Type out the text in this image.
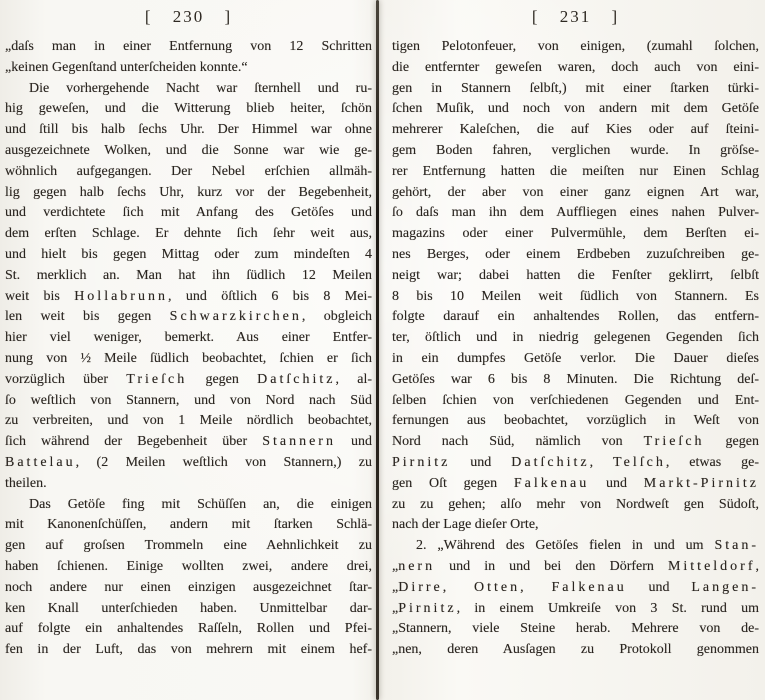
[ 230 ]
„daſs man in einer Entfernung von 12 Schritten
„keinen Gegenſtand unterſcheiden konnte.“
Die vorhergehende Nacht war ſternhell und ru-
hig geweſen, und die Witterung blieb heiter, ſchön
und ſtill bis halb ſechs Uhr. Der Himmel war ohne
ausgezeichnete Wolken, und die Sonne war wie ge-
wöhnlich aufgegangen. Der Nebel erſchien allmäh-
lig gegen halb ſechs Uhr, kurz vor der Begebenheit,
und verdichtete ſich mit Anfang des Getöſes und
dem erſten Schlage. Er dehnte ſich ſehr weit aus,
und hielt bis gegen Mittag oder zum mindeſten 4
St. merklich an. Man hat ihn ſüdlich 12 Meilen
weit bis Hollabrunn, und öſtlich 6 bis 8 Mei-
len weit bis gegen Schwarzkirchen, obgleich
hier viel weniger, bemerkt. Aus einer Entfer-
nung von ½ Meile ſüdlich beobachtet, ſchien er ſich
vorzüglich über Trieſch gegen Datſchitz, al-
ſo weſtlich von Stannern, und von Nord nach Süd
zu verbreiten, und von 1 Meile nördlich beobachtet,
ſich während der Begebenheit über Stannern und
Battelau, (2 Meilen weſtlich von Stannern,) zu
theilen.
Das Getöſe fing mit Schüſſen an, die einigen
mit Kanonenſchüſſen, andern mit ſtarken Schlä-
gen auf groſsen Trommeln eine Aehnlichkeit zu
haben ſchienen. Einige wollten zwei, andere drei,
noch andere nur einen einzigen ausgezeichnet ſtar-
ken Knall unterſchieden haben. Unmittelbar dar-
auf folgte ein anhaltendes Raſſeln, Rollen und Pfei-
fen in der Luft, das von mehrern mit einem hef-
[ 231 ]
tigen Pelotonfeuer, von einigen, (zumahl ſolchen,
die entfernter geweſen waren, doch auch von eini-
gen in Stannern ſelbſt,) mit einer ſtarken türki-
ſchen Muſik, und noch von andern mit dem Getöſe
mehrerer Kaleſchen, die auf Kies oder auf ſteini-
gem Boden fahren, verglichen wurde. In gröſse-
rer Entfernung hatten die meiſten nur Einen Schlag
gehört, der aber von einer ganz eignen Art war,
ſo daſs man ihn dem Auffliegen eines nahen Pulver-
magazins oder einer Pulvermühle, dem Berſten ei-
nes Berges, oder einem Erdbeben zuzuſchreiben ge-
neigt war; dabei hatten die Fenſter geklirrt, ſelbſt
8 bis 10 Meilen weit ſüdlich von Stannern. Es
folgte darauf ein anhaltendes Rollen, das entfern-
ter, öſtlich und in niedrig gelegenen Gegenden ſich
in ein dumpfes Getöſe verlor. Die Dauer dieſes
Getöſes war 6 bis 8 Minuten. Die Richtung deſ-
ſelben ſchien von verſchiedenen Gegenden und Ent-
fernungen aus beobachtet, vorzüglich in Weſt von
Nord nach Süd, nämlich von Trieſch gegen
Pirnitz und Datſchitz, Telſch, etwas ge-
gen Oſt gegen Falkenau und Markt-Pirnitz
zu zu gehen; alſo mehr von Nordweſt gen Südoſt,
nach der Lage dieſer Orte,
2. „Während des Getöſes fielen in und um Stan-
„nern und in und bei den Dörfern Mitteldorf,
„Dirre, Otten, Falkenau und Langen-
„Pirnitz, in einem Umkreiſe von 3 St. rund um
„Stannern, viele Steine herab. Mehrere von de-
„nen, deren Ausſagen zu Protokoll genommen
